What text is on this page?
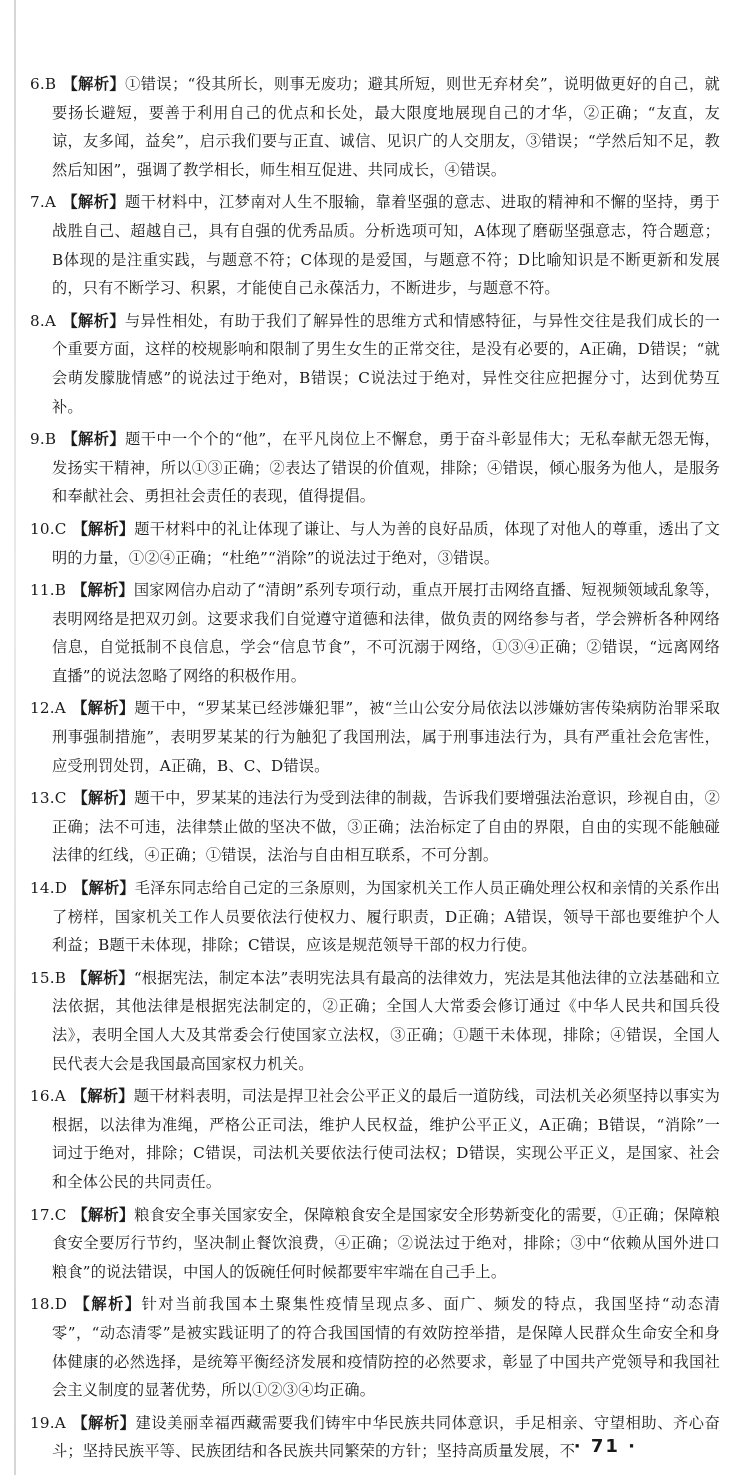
6.B 【解析】①错误；“役其所长，则事无废功；避其所短，则世无弃材矣”，说明做更好的自己，就要扬长避短，要善于利用自己的优点和长处，最大限度地展现自己的才华，②正确；“友直，友谅，友多闻，益矣”，启示我们要与正直、诚信、见识广的人交朋友，③错误；“学然后知不足，教然后知困”，强调了教学相长，师生相互促进、共同成长，④错误。

7.A 【解析】题干材料中，江梦南对人生不服输，靠着坚强的意志、进取的精神和不懈的坚持，勇于战胜自己、超越自己，具有自强的优秀品质。分析选项可知，A体现了磨砺坚强意志，符合题意；B体现的是注重实践，与题意不符；C体现的是爱国，与题意不符；D比喻知识是不断更新和发展的，只有不断学习、积累，才能使自己永葆活力，不断进步，与题意不符。

8.A 【解析】与异性相处，有助于我们了解异性的思维方式和情感特征，与异性交往是我们成长的一个重要方面，这样的校规影响和限制了男生女生的正常交往，是没有必要的，A正确，D错误；“就会萌发朦胧情感”的说法过于绝对，B错误；C说法过于绝对，异性交往应把握分寸，达到优势互补。

9.B 【解析】题干中一个个的“他”，在平凡岗位上不懈怠，勇于奋斗彰显伟大；无私奉献无怨无悔，发扬实干精神，所以①③正确；②表达了错误的价值观，排除；④错误，倾心服务为他人，是服务和奉献社会、勇担社会责任的表现，值得提倡。

10.C 【解析】题干材料中的礼让体现了谦让、与人为善的良好品质，体现了对他人的尊重，透出了文明的力量，①②④正确；“杜绝”“消除”的说法过于绝对，③错误。

11.B 【解析】国家网信办启动了“清朗”系列专项行动，重点开展打击网络直播、短视频领域乱象等，表明网络是把双刃剑。这要求我们自觉遵守道德和法律，做负责的网络参与者，学会辨析各种网络信息，自觉抵制不良信息，学会“信息节食”，不可沉溺于网络，①③④正确；②错误，“远离网络直播”的说法忽略了网络的积极作用。

12.A 【解析】题干中，“罗某某已经涉嫌犯罪”，被“兰山公安分局依法以涉嫌妨害传染病防治罪采取刑事强制措施”，表明罗某某的行为触犯了我国刑法，属于刑事违法行为，具有严重社会危害性，应受刑罚处罚，A正确，B、C、D错误。

13.C 【解析】题干中，罗某某的违法行为受到法律的制裁，告诉我们要增强法治意识，珍视自由，②正确；法不可违，法律禁止做的坚决不做，③正确；法治标定了自由的界限，自由的实现不能触碰法律的红线，④正确；①错误，法治与自由相互联系，不可分割。

14.D 【解析】毛泽东同志给自己定的三条原则，为国家机关工作人员正确处理公权和亲情的关系作出了榜样，国家机关工作人员要依法行使权力、履行职责，D正确；A错误，领导干部也要维护个人利益；B题干未体现，排除；C错误，应该是规范领导干部的权力行使。

15.B 【解析】“根据宪法，制定本法”表明宪法具有最高的法律效力，宪法是其他法律的立法基础和立法依据，其他法律是根据宪法制定的，②正确；全国人大常委会修订通过《中华人民共和国兵役法》，表明全国人大及其常委会行使国家立法权，③正确；①题干未体现，排除；④错误，全国人民代表大会是我国最高国家权力机关。

16.A 【解析】题干材料表明，司法是捍卫社会公平正义的最后一道防线，司法机关必须坚持以事实为根据，以法律为准绳，严格公正司法，维护人民权益，维护公平正义，A正确；B错误，“消除”一词过于绝对，排除；C错误，司法机关要依法行使司法权；D错误，实现公平正义，是国家、社会和全体公民的共同责任。

17.C 【解析】粮食安全事关国家安全，保障粮食安全是国家安全形势新变化的需要，①正确；保障粮食安全要厉行节约，坚决制止餐饮浪费，④正确；②说法过于绝对，排除；③中“依赖从国外进口粮食”的说法错误，中国人的饭碗任何时候都要牢牢端在自己手上。

18.D 【解析】针对当前我国本土聚集性疫情呈现点多、面广、频发的特点，我国坚持“动态清零”，“动态清零”是被实践证明了的符合我国国情的有效防控举措，是保障人民群众生命安全和身体健康的必然选择，是统筹平衡经济发展和疫情防控的必然要求，彰显了中国共产党领导和我国社会主义制度的显著优势，所以①②③④均正确。

19.A 【解析】建设美丽幸福西藏需要我们铸牢中华民族共同体意识，手足相亲、守望相助、齐心奋斗；坚持民族平等、民族团结和各民族共同繁荣的方针；坚持高质量发展，不

· 71 ·
